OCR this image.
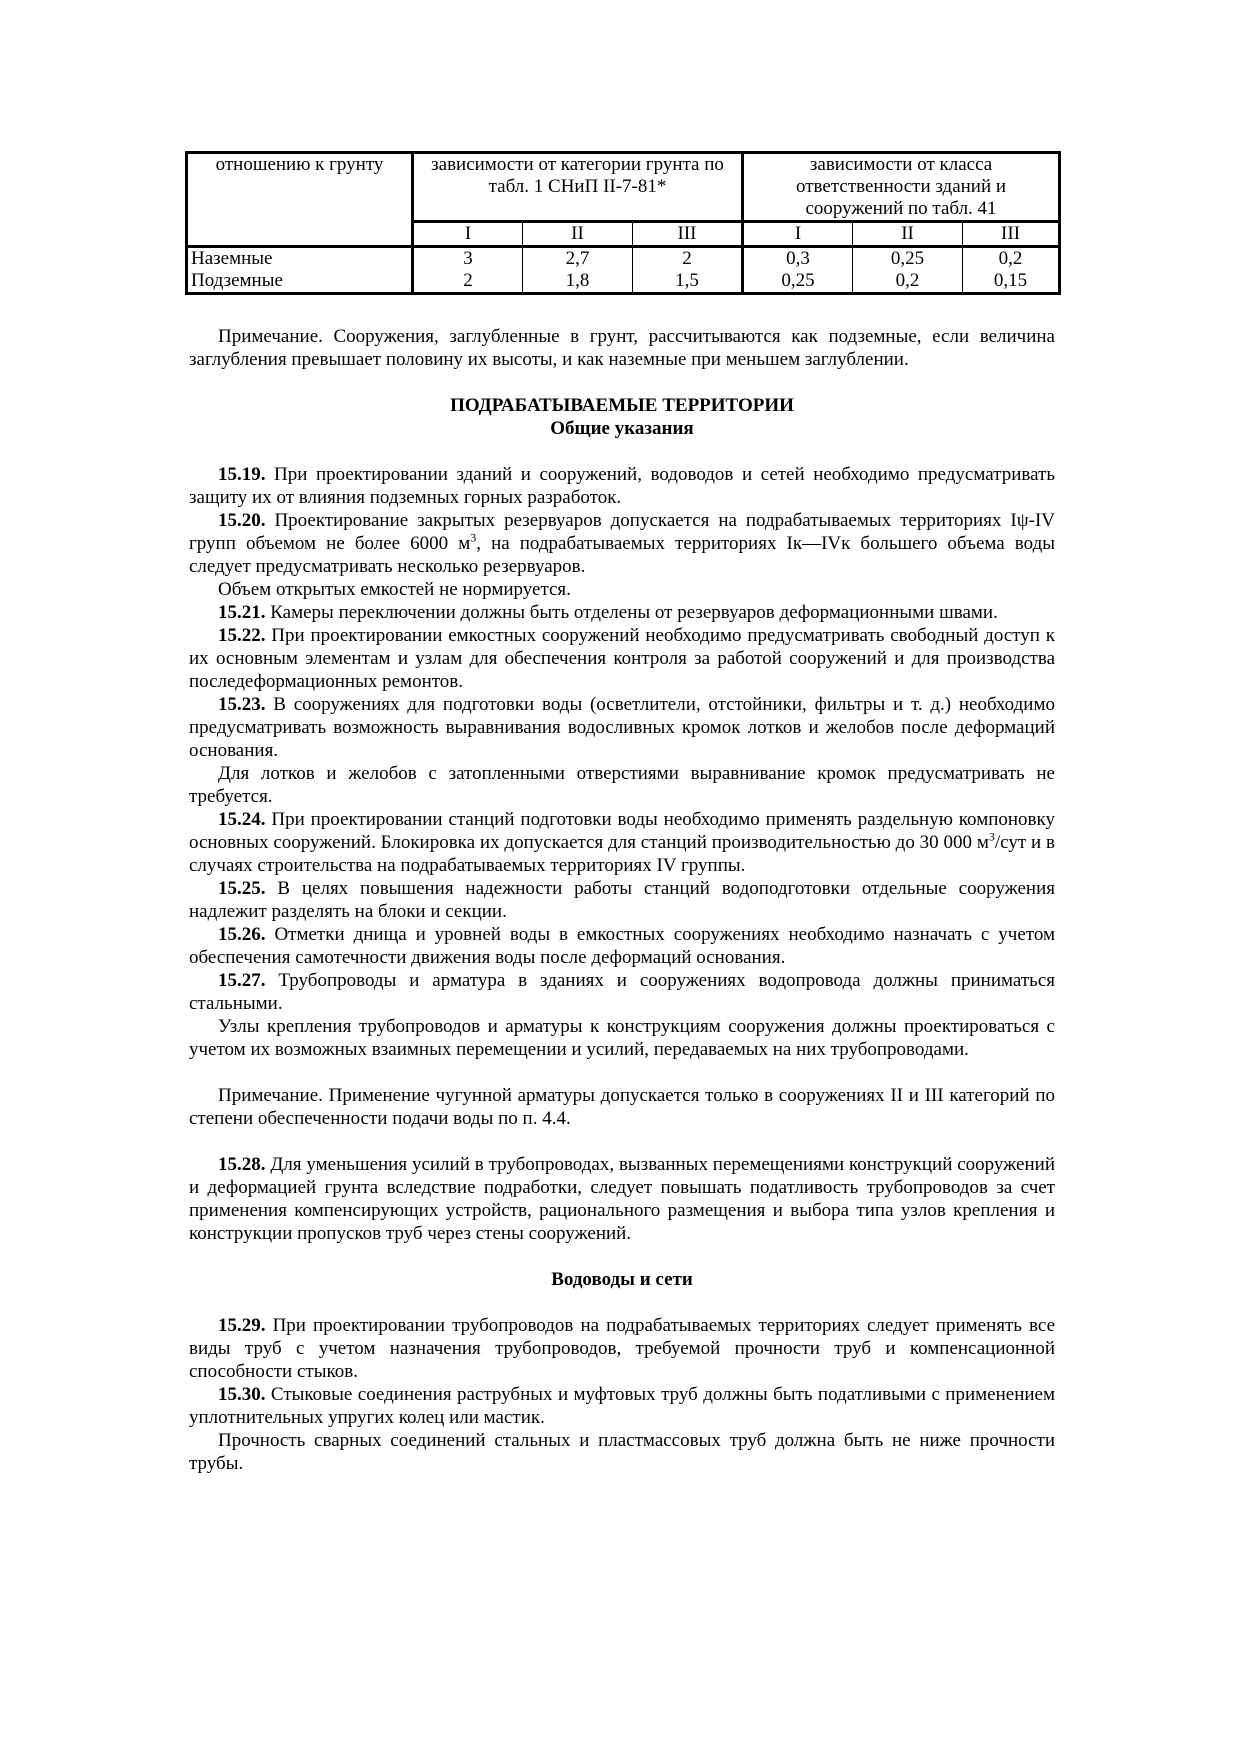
отношению к грунту	зависимости от категории грунта по табл. 1 СНиП II-7-81*			зависимости от класса ответственности зданий и сооружений по табл. 41		
	I	II	III	I	II	III
Наземные	3	2,7	2	0,3	0,25	0,2
Подземные	2	1,8	1,5	0,25	0,2	0,15

Примечание. Сооружения, заглубленные в грунт, рассчитываются как подземные, если величина заглубления превышает половину их высоты, и как наземные при меньшем заглублении.

ПОДРАБАТЫВАЕМЫЕ ТЕРРИТОРИИ

Общие указания

15.19. При проектировании зданий и сооружений, водоводов и сетей необходимо предусматривать защиту их от влияния подземных горных разработок.

15.20. Проектирование закрытых резервуаров допускается на подрабатываемых территориях Iψ-IV групп объемом не более 6000 $м^3$, на подрабатываемых территориях Iк—IVк большего объема воды следует предусматривать несколько резервуаров.

Объем открытых емкостей не нормируется.

15.21. Камеры переключении должны быть отделены от резервуаров деформационными швами.

15.22. При проектировании емкостных сооружений необходимо предусматривать свободный доступ к их основным элементам и узлам для обеспечения контроля за работой сооружений и для производства последеформационных ремонтов.

15.23. В сооружениях для подготовки воды (осветлители, отстойники, фильтры и т. д.) необходимо предусматривать возможность выравнивания водосливных кромок лотков и желобов после деформаций основания.

Для лотков и желобов с затопленными отверстиями выравнивание кромок предусматривать не требуется.

15.24. При проектировании станций подготовки воды необходимо применять раздельную компоновку основных сооружений. Блокировка их допускается для станций производительностью до 30 000 $м^3$/сут и в случаях строительства на подрабатываемых территориях IV группы.

15.25. В целях повышения надежности работы станций водоподготовки отдельные сооружения надлежит разделять на блоки и секции.

15.26. Отметки днища и уровней воды в емкостных сооружениях необходимо назначать с учетом обеспечения самотечности движения воды после деформаций основания.

15.27. Трубопроводы и арматура в зданиях и сооружениях водопровода должны приниматься стальными.

Узлы крепления трубопроводов и арматуры к конструкциям сооружения должны проектироваться с учетом их возможных взаимных перемещении и усилий, передаваемых на них трубопроводами.

Примечание. Применение чугунной арматуры допускается только в сооружениях II и III категорий по степени обеспеченности подачи воды по п. 4.4.

15.28. Для уменьшения усилий в трубопроводах, вызванных перемещениями конструкций сооружений и деформацией грунта вследствие подработки, следует повышать податливость трубопроводов за счет применения компенсирующих устройств, рационального размещения и выбора типа узлов крепления и конструкции пропусков труб через стены сооружений.

Водоводы и сети

15.29. При проектировании трубопроводов на подрабатываемых территориях следует применять все виды труб с учетом назначения трубопроводов, требуемой прочности труб и компенсационной способности стыков.

15.30. Стыковые соединения раструбных и муфтовых труб должны быть податливыми с применением уплотнительных упругих колец или мастик.

Прочность сварных соединений стальных и пластмассовых труб должна быть не ниже прочности трубы.
